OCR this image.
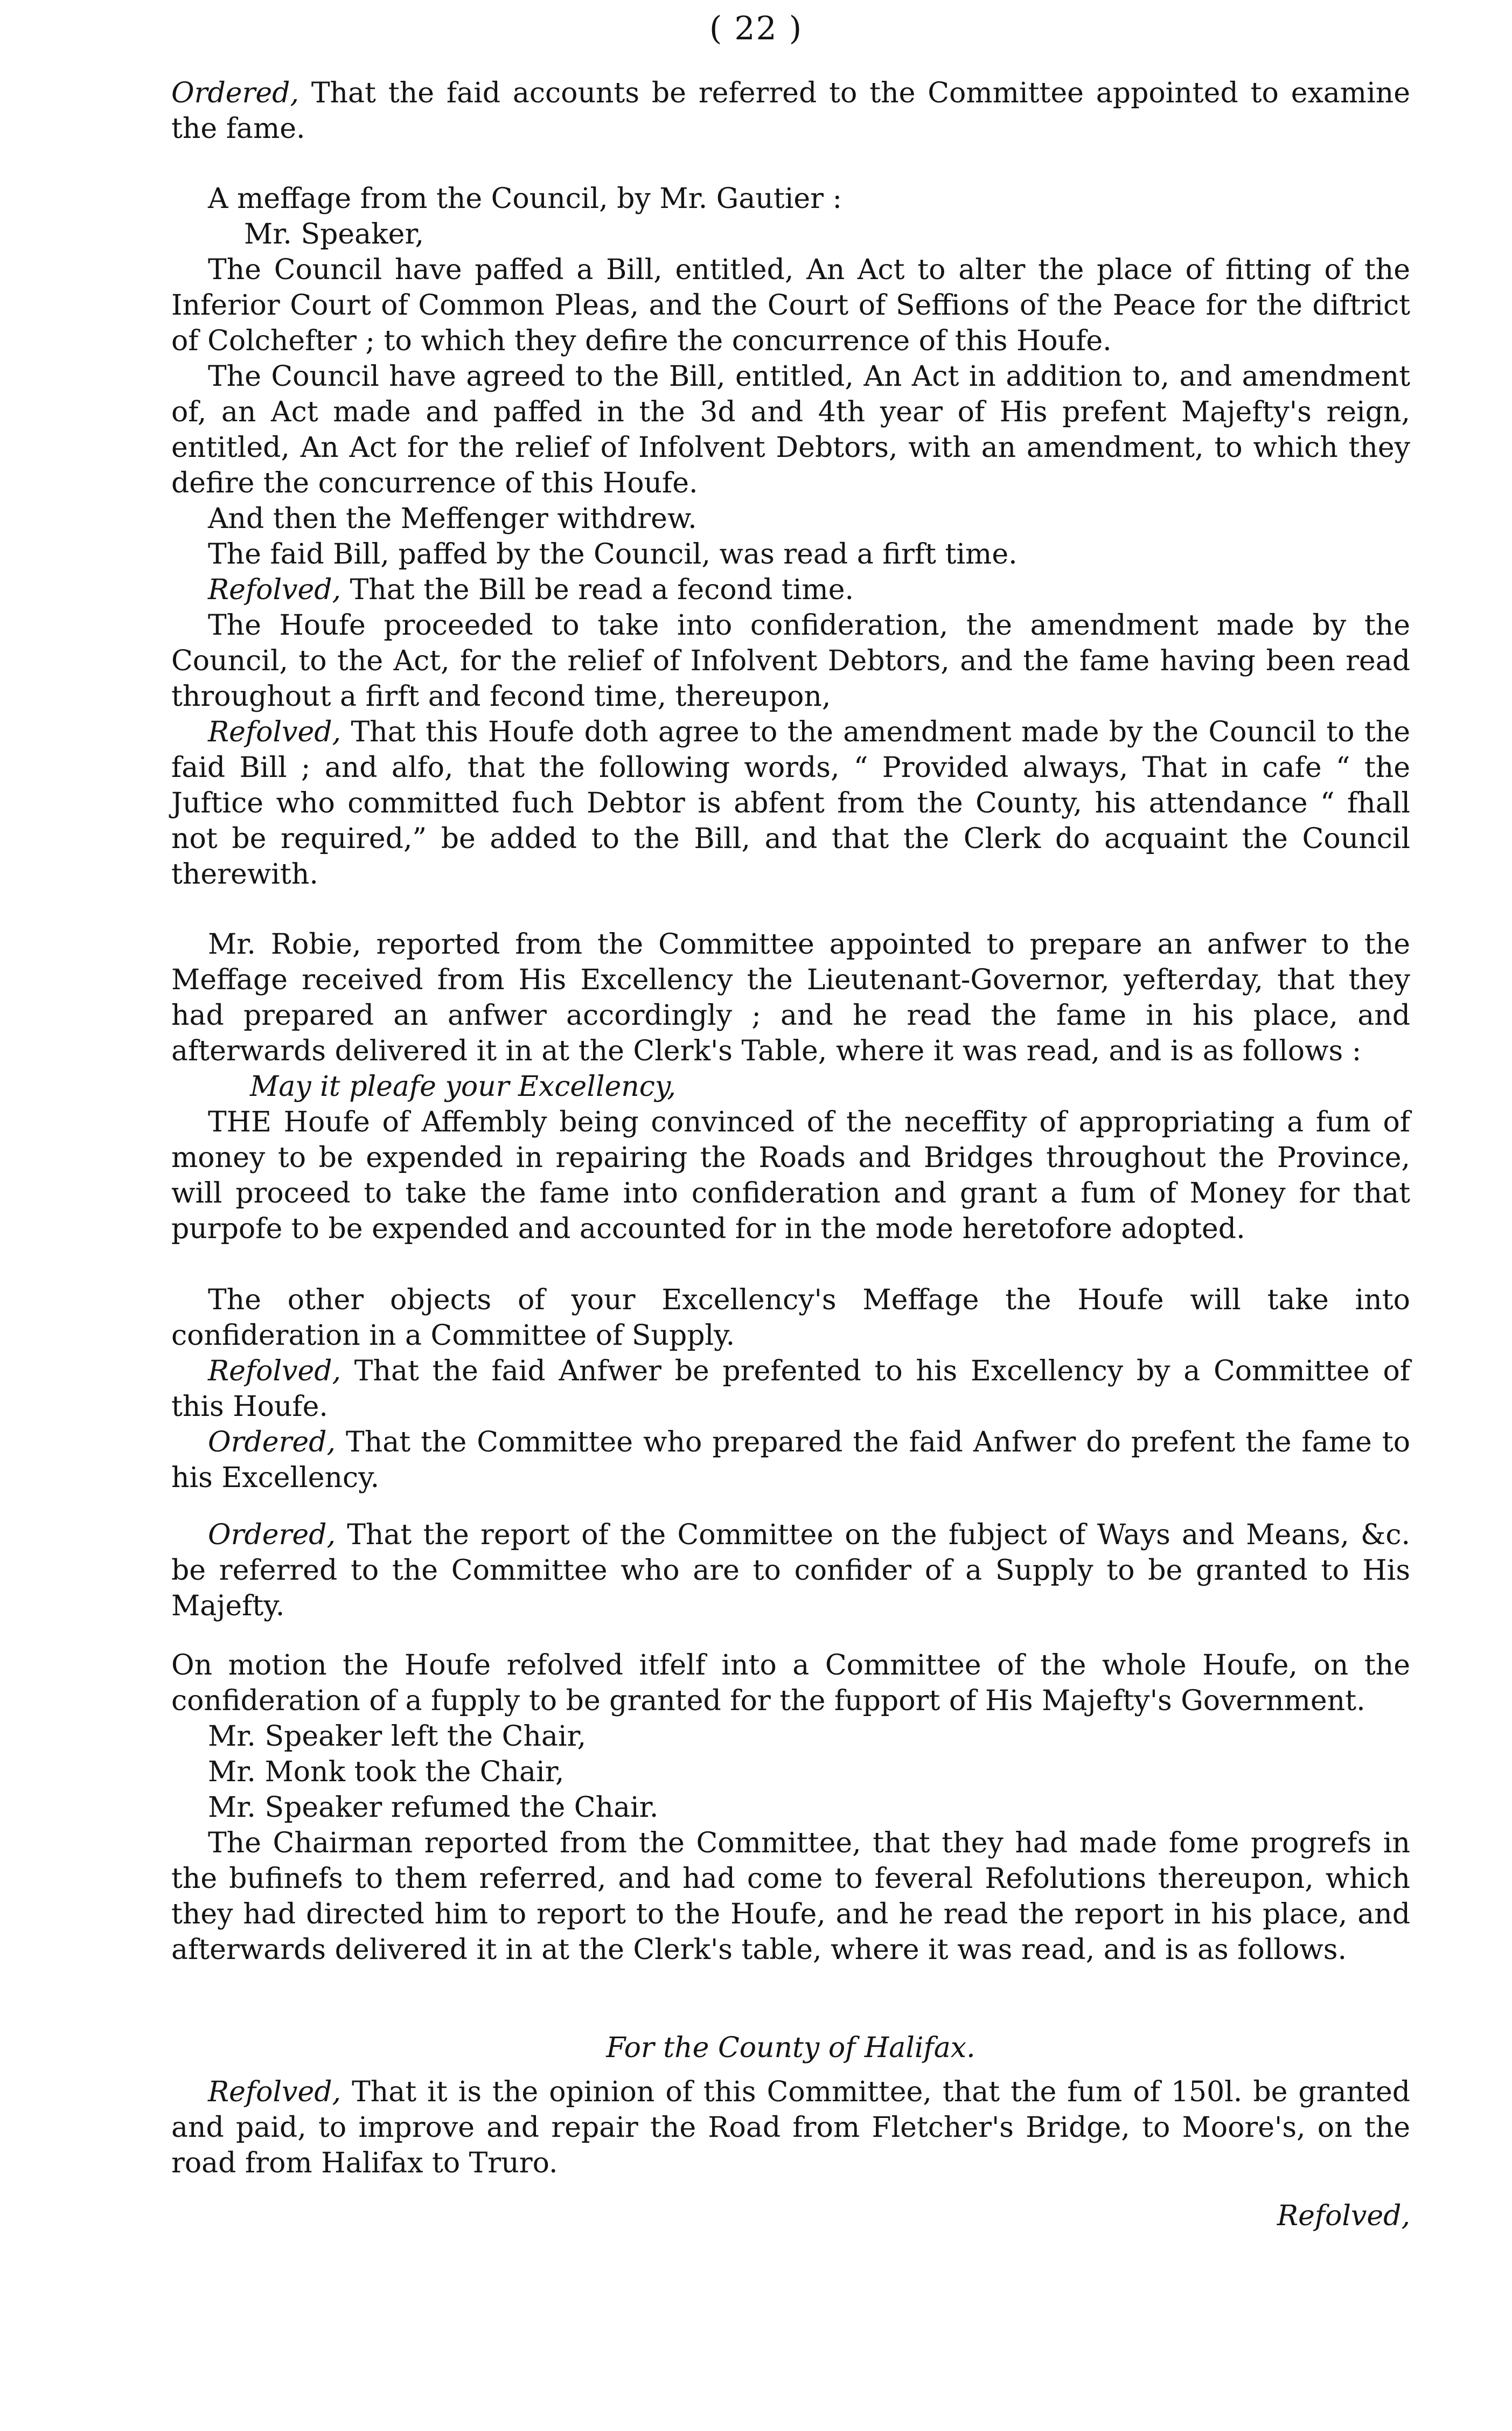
( 22 )

Ordered, That the faid accounts be referred to the Committee appointed to examine the fame.

A meffage from the Council, by Mr. Gautier :

Mr. Speaker,

The Council have paffed a Bill, entitled, An Act to alter the place of fitting of the Inferior Court of Common Pleas, and the Court of Seffions of the Peace for the diftrict of Colchefter ; to which they defire the concurrence of this Houfe.

The Council have agreed to the Bill, entitled, An Act in addition to, and amendment of, an Act made and paffed in the 3d and 4th year of His prefent Majefty's reign, entitled, An Act for the relief of Infolvent Debtors, with an amendment, to which they defire the concurrence of this Houfe.

And then the Meffenger withdrew.

The faid Bill, paffed by the Council, was read a firft time.

Refolved, That the Bill be read a fecond time.

The Houfe proceeded to take into confideration, the amendment made by the Council, to the Act, for the relief of Infolvent Debtors, and the fame having been read throughout a firft and fecond time, thereupon,

Refolved, That this Houfe doth agree to the amendment made by the Council to the faid Bill ; and alfo, that the following words, “ Provided always, That in cafe “ the Juftice who committed fuch Debtor is abfent from the County, his attendance “ fhall not be required,” be added to the Bill, and that the Clerk do acquaint the Council therewith.

Mr. Robie, reported from the Committee appointed to prepare an anfwer to the Meffage received from His Excellency the Lieutenant-Governor, yefterday, that they had prepared an anfwer accordingly ; and he read the fame in his place, and afterwards delivered it in at the Clerk's Table, where it was read, and is as follows :

May it pleafe your Excellency,

THE Houfe of Affembly being convinced of the neceffity of appropriating a fum of money to be expended in repairing the Roads and Bridges throughout the Province, will proceed to take the fame into confideration and grant a fum of Money for that purpofe to be expended and accounted for in the mode heretofore adopted.

The other objects of your Excellency's Meffage the Houfe will take into confideration in a Committee of Supply.

Refolved, That the faid Anfwer be prefented to his Excellency by a Committee of this Houfe.

Ordered, That the Committee who prepared the faid Anfwer do prefent the fame to his Excellency.

Ordered, That the report of the Committee on the fubject of Ways and Means, &c. be referred to the Committee who are to confider of a Supply to be granted to His Majefty.

On motion the Houfe refolved itfelf into a Committee of the whole Houfe, on the confideration of a fupply to be granted for the fupport of His Majefty's Government.

Mr. Speaker left the Chair,

Mr. Monk took the Chair,

Mr. Speaker refumed the Chair.

The Chairman reported from the Committee, that they had made fome progrefs in the bufinefs to them referred, and had come to feveral Refolutions thereupon, which they had directed him to report to the Houfe, and he read the report in his place, and afterwards delivered it in at the Clerk's table, where it was read, and is as follows.

For the County of Halifax.

Refolved, That it is the opinion of this Committee, that the fum of 150l. be granted and paid, to improve and repair the Road from Fletcher's Bridge, to Moore's, on the road from Halifax to Truro.

Refolved,
